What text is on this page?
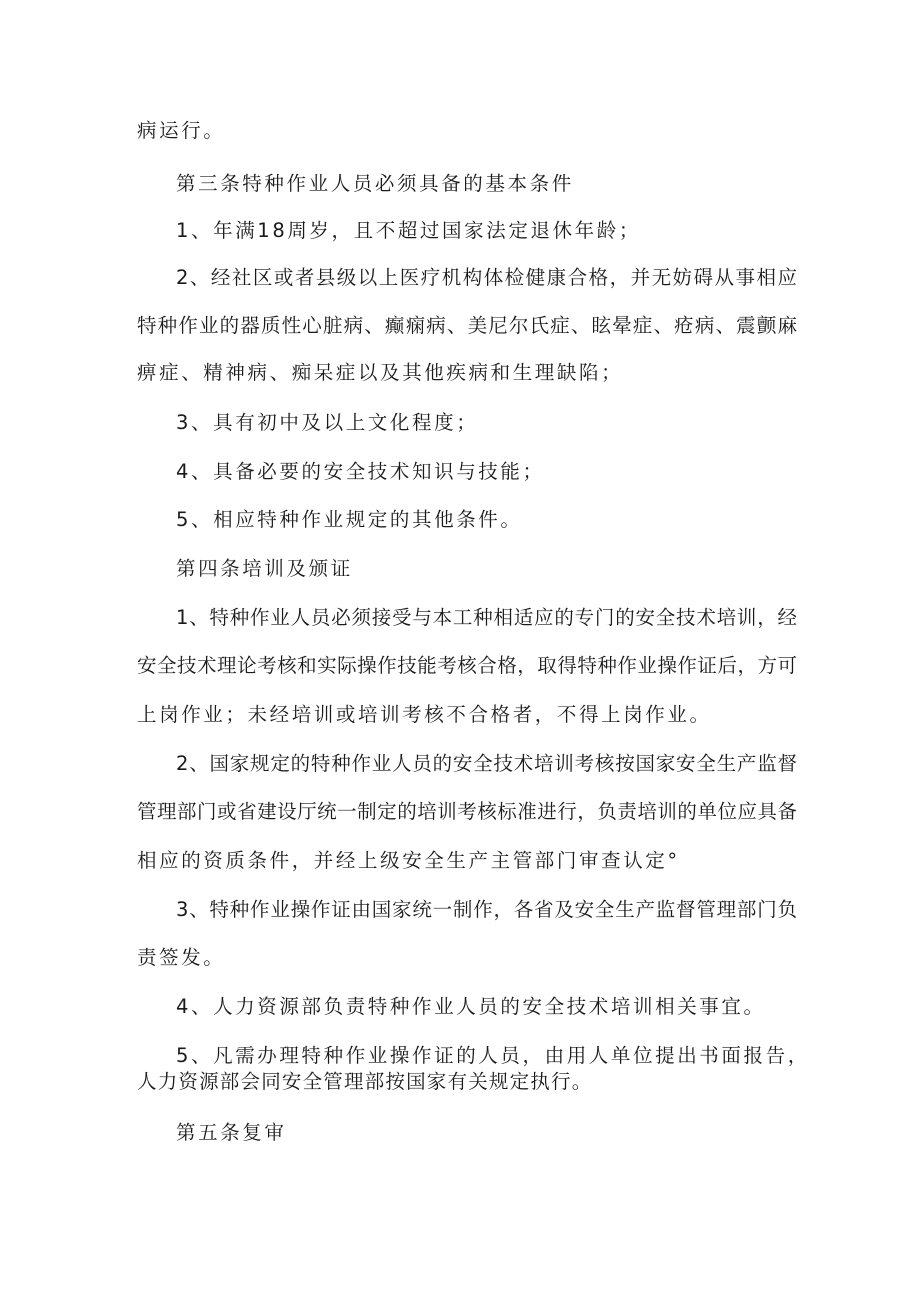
病运行。
第三条特种作业人员必须具备的基本条件
1、年满18周岁，且不超过国家法定退休年龄；
2、经社区或者县级以上医疗机构体检健康合格，并无妨碍从事相应
特种作业的器质性心脏病、癫痫病、美尼尔氏症、眩晕症、疮病、震颤麻
痹症、精神病、痴呆症以及其他疾病和生理缺陷；
3、具有初中及以上文化程度；
4、具备必要的安全技术知识与技能；
5、相应特种作业规定的其他条件。
第四条培训及颁证
1、特种作业人员必须接受与本工种相适应的专门的安全技术培训，经
安全技术理论考核和实际操作技能考核合格，取得特种作业操作证后，方可
上岗作业；未经培训或培训考核不合格者，不得上岗作业。
2、国家规定的特种作业人员的安全技术培训考核按国家安全生产监督
管理部门或省建设厅统一制定的培训考核标准进行，负责培训的单位应具备
相应的资质条件，并经上级安全生产主管部门审查认定°
3、特种作业操作证由国家统一制作，各省及安全生产监督管理部门负
责签发。
4、人力资源部负责特种作业人员的安全技术培训相关事宜。
5、凡需办理特种作业操作证的人员，由用人单位提出书面报告，
人力资源部会同安全管理部按国家有关规定执行。
第五条复审
